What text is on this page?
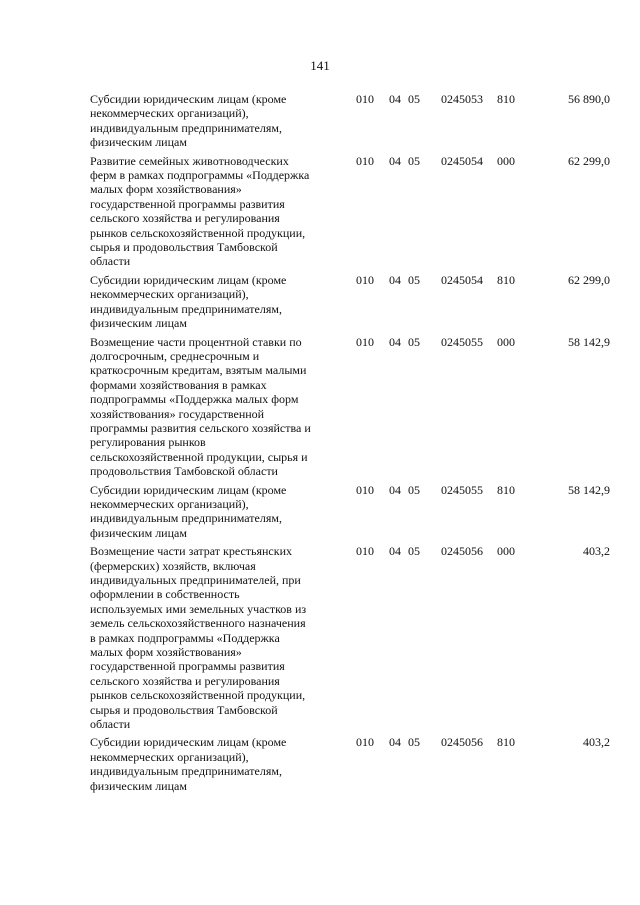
141
Субсидии юридическим лицам (кроме
некоммерческих организаций),
индивидуальным предпринимателям,
физическим лицам
010 04 05 0245053 810	56 890,0
Развитие семейных животноводческих
ферм в рамках подпрограммы «Поддержка
малых форм хозяйствования»
государственной программы развития
сельского хозяйства и регулирования
рынков сельскохозяйственной продукции,
сырья и продовольствия Тамбовской
области
010 04 05 0245054 000	62 299,0
Субсидии юридическим лицам (кроме
некоммерческих организаций),
индивидуальным предпринимателям,
физическим лицам
010 04 05 0245054 810	62 299,0
Возмещение части процентной ставки по
долгосрочным, среднесрочным и
краткосрочным кредитам, взятым малыми
формами хозяйствования в рамках
подпрограммы «Поддержка малых форм
хозяйствования» государственной
программы развития сельского хозяйства и
регулирования рынков
сельскохозяйственной продукции, сырья и
продовольствия Тамбовской области
010 04 05 0245055 000	58 142,9
Субсидии юридическим лицам (кроме
некоммерческих организаций),
индивидуальным предпринимателям,
физическим лицам
010 04 05 0245055 810	58 142,9
Возмещение части затрат крестьянских
(фермерских) хозяйств, включая
индивидуальных предпринимателей, при
оформлении в собственность
используемых ими земельных участков из
земель сельскохозяйственного назначения
в рамках подпрограммы «Поддержка
малых форм хозяйствования»
государственной программы развития
сельского хозяйства и регулирования
рынков сельскохозяйственной продукции,
сырья и продовольствия Тамбовской
области
010 04 05 0245056 000	403,2
Субсидии юридическим лицам (кроме
некоммерческих организаций),
индивидуальным предпринимателям,
физическим лицам
010 04 05 0245056 810	403,2
